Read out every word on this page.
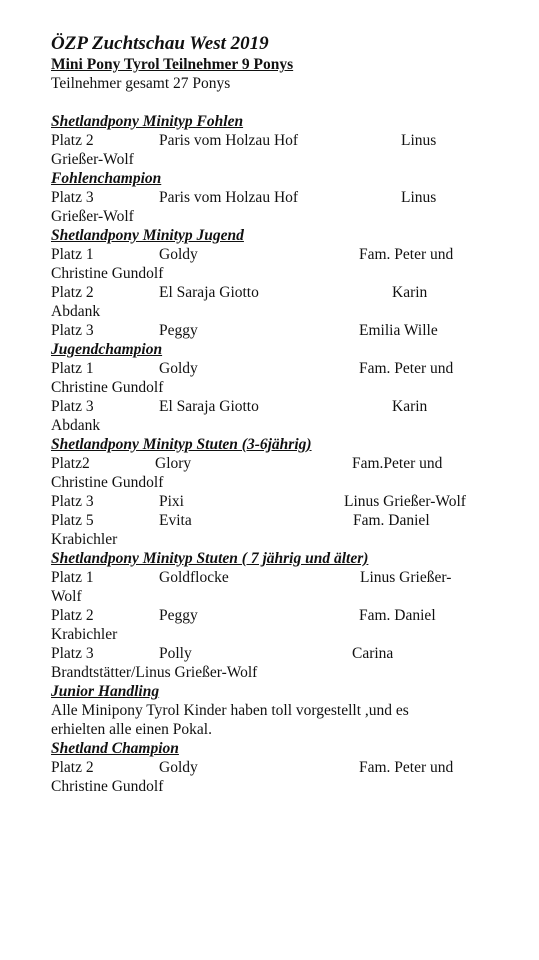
ÖZP Zuchtschau West 2019
Mini Pony Tyrol Teilnehmer 9 Ponys
Teilnehmer gesamt 27 Ponys
Shetlandpony Minityp Fohlen
Platz 2	Paris vom Holzau Hof	Linus
Grießer-Wolf
Fohlenchampion
Platz 3	Paris vom Holzau Hof	Linus
Grießer-Wolf
Shetlandpony Minityp Jugend
Platz 1	Goldy	Fam. Peter und
Christine Gundolf
Platz 2	El Saraja Giotto	Karin
Abdank
Platz 3	Peggy	Emilia Wille
Jugendchampion
Platz 1	Goldy	Fam. Peter und
Christine Gundolf
Platz 3	El Saraja Giotto	Karin
Abdank
Shetlandpony Minityp Stuten (3-6jährig)
Platz2	Glory	Fam.Peter und
Christine Gundolf
Platz 3	Pixi	Linus Grießer-Wolf
Platz 5	Evita	Fam. Daniel
Krabichler
Shetlandpony Minityp Stuten ( 7 jährig und älter)
Platz 1	Goldflocke	Linus Grießer-
Wolf
Platz 2	Peggy	Fam. Daniel
Krabichler
Platz 3	Polly	Carina
Brandtstätter/Linus Grießer-Wolf
Junior Handling
Alle Minipony Tyrol Kinder haben toll vorgestellt ,und es erhielten alle einen Pokal.
Shetland Champion
Platz 2	Goldy	Fam. Peter und
Christine Gundolf
